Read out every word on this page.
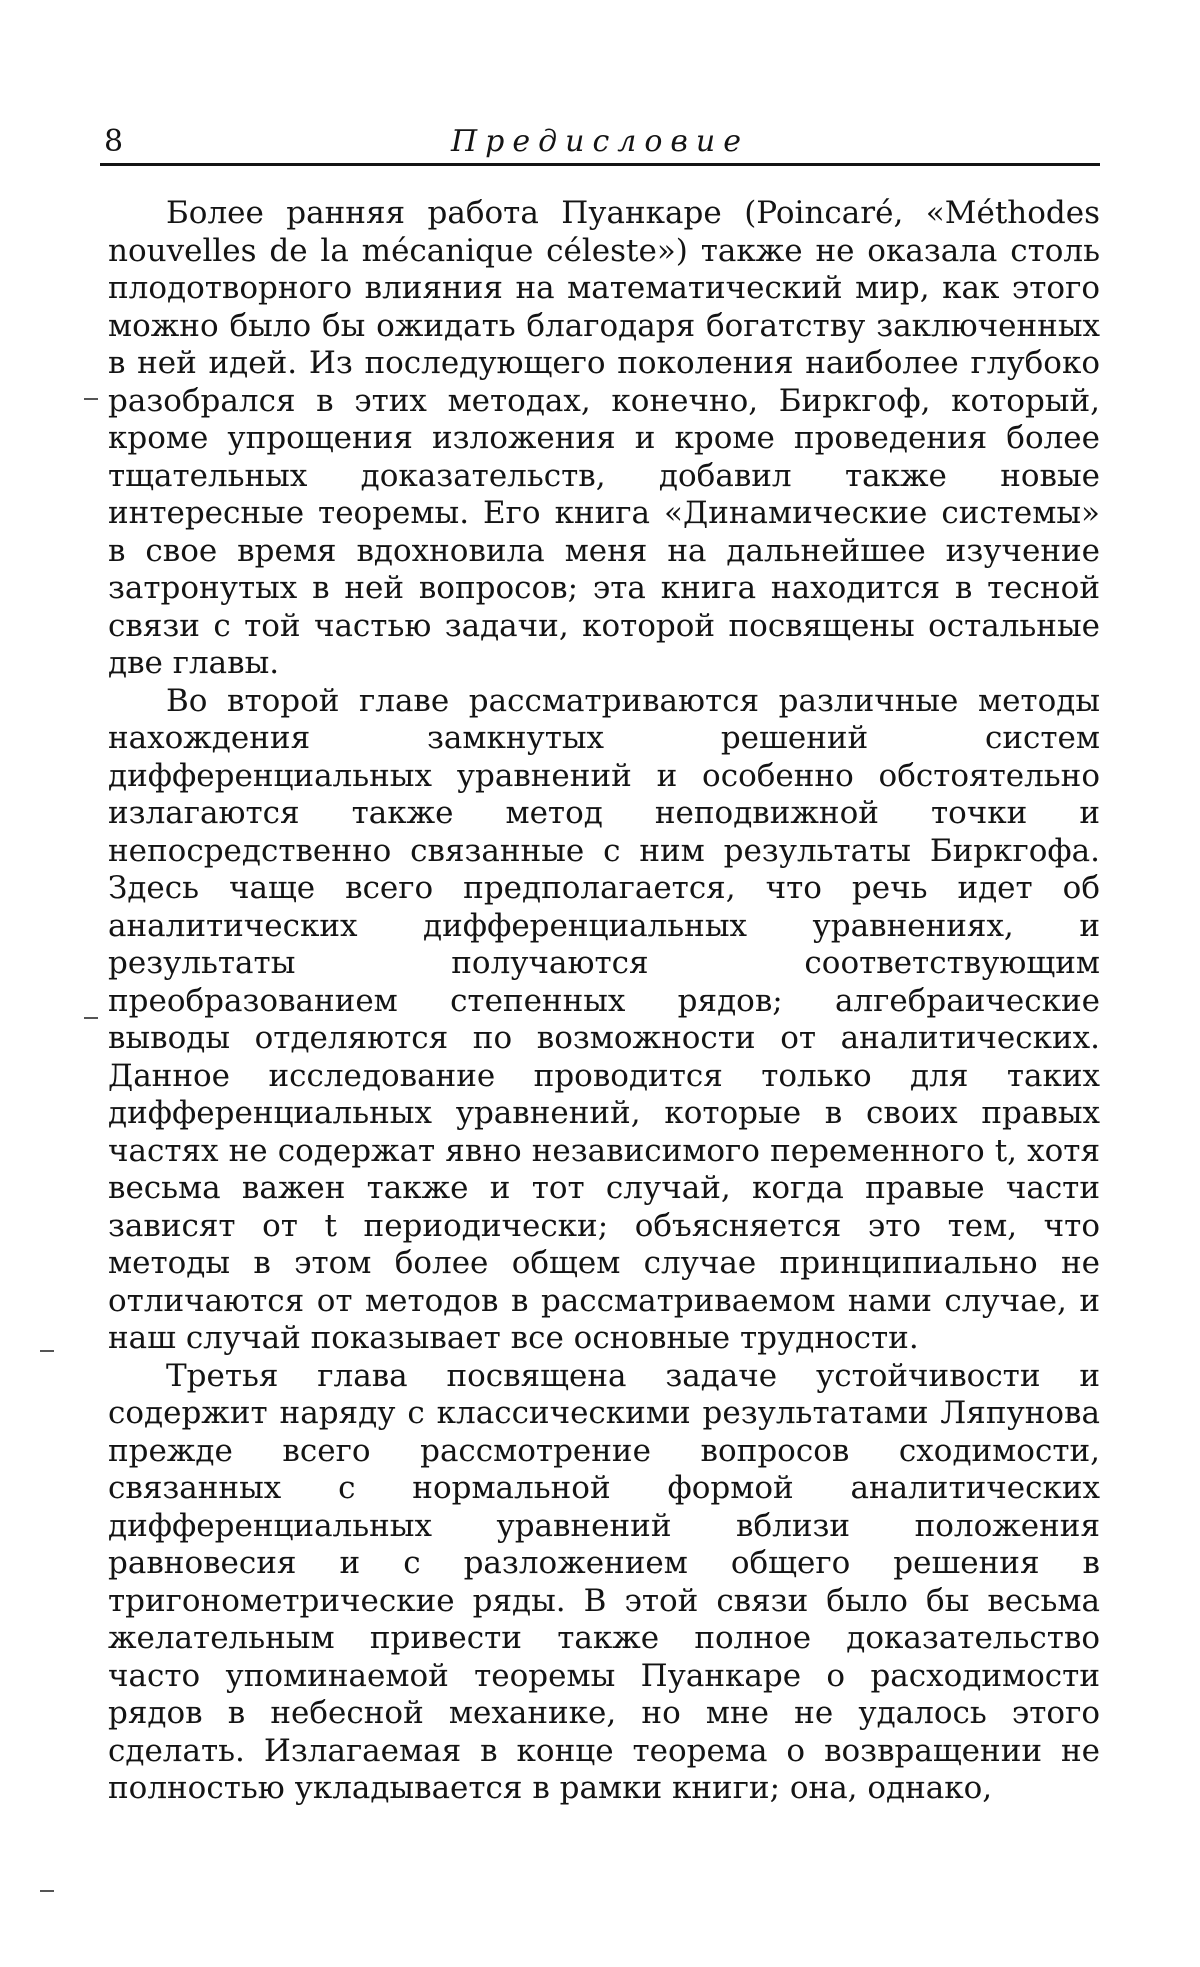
8	Предисловие

Более ранняя работа Пуанкаре (Poincaré, «Méthodes nouvelles de la mécanique céleste») также не оказала столь плодотворного влияния на математический мир, как этого можно было бы ожидать благодаря богатству заключенных в ней идей. Из последующего поколения наиболее глубоко разобрался в этих методах, конечно, Биркгоф, который, кроме упрощения изложения и кроме проведения более тщательных доказательств, добавил также новые интересные теоремы. Его книга «Динамические системы» в свое время вдохновила меня на дальнейшее изучение затронутых в ней вопросов; эта книга находится в тесной связи с той частью задачи, которой посвящены остальные две главы.

Во второй главе рассматриваются различные методы нахождения замкнутых решений систем дифференциальных уравнений и особенно обстоятельно излагаются также метод неподвижной точки и непосредственно связанные с ним результаты Биркгофа. Здесь чаще всего предполагается, что речь идет об аналитических дифференциальных уравнениях, и результаты получаются соответствующим преобразованием степенных рядов; алгебраические выводы отделяются по возможности от аналитических. Данное исследование проводится только для таких дифференциальных уравнений, которые в своих правых частях не содержат явно независимого переменного t, хотя весьма важен также и тот случай, когда правые части зависят от t периодически; объясняется это тем, что методы в этом более общем случае принципиально не отличаются от методов в рассматриваемом нами случае, и наш случай показывает все основные трудности.

Третья глава посвящена задаче устойчивости и содержит наряду с классическими результатами Ляпунова прежде всего рассмотрение вопросов сходимости, связанных с нормальной формой аналитических дифференциальных уравнений вблизи положения равновесия и с разложением общего решения в тригонометрические ряды. В этой связи было бы весьма желательным привести также полное доказательство часто упоминаемой теоремы Пуанкаре о расходимости рядов в небесной механике, но мне не удалось этого сделать. Излагаемая в конце теорема о возвращении не полностью укладывается в рамки книги; она, однако,
